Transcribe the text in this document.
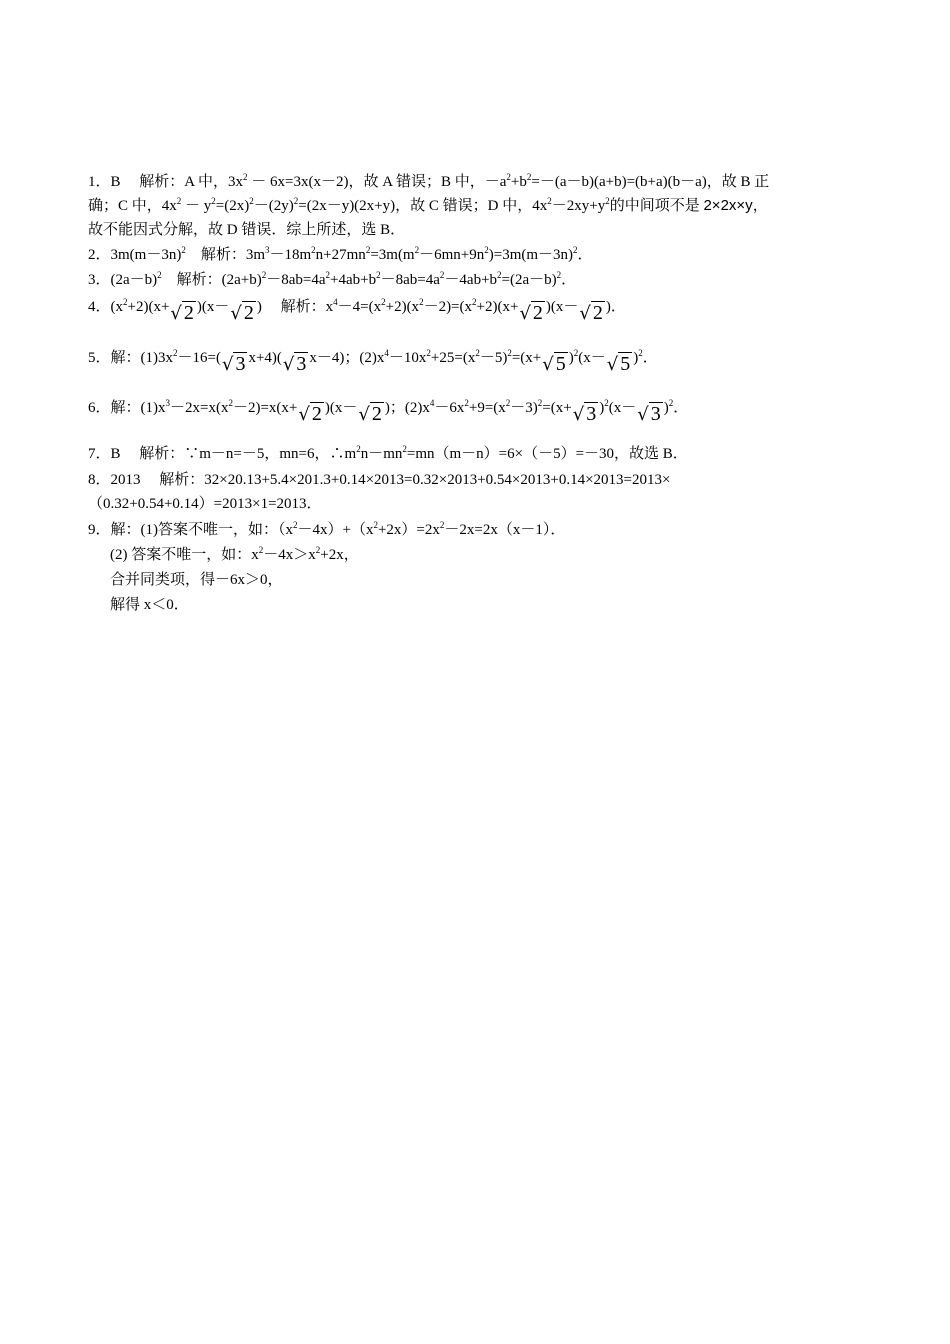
1．B　 解析：A 中，$3x^2 - 6x=3x(x-2)$，故 A 错误；B 中，$-a^2+b^2=-(a-b)(a+b)=(b+a)(b-a)$，故 B 正
确；C 中，$4x^2 - y^2=(2x)^2-(2y)^2=(2x-y)(2x+y)$，故 C 错误；D 中，$4x^2-2xy+y^2$的中间项不是 2×2x×y，
故不能因式分解，故 D 错误．综上所述，选 B．
2．$3m(m-3n)^2$　解析：$3m^3-18m^2n+27mn^2=3m(m^2-6mn+9n^2)=3m(m-3n)^2$．
3．$(2a-b)^2$　解析：$(2a+b)^2-8ab=4a^2+4ab+b^2-8ab=4a^2-4ab+b^2=(2a-b)^2$．
4．$(x^2+2)(x+√$ 2 )(x－√ 2 )　 解析：$x^4-4=(x^2+2)(x^2-2)=(x^2+2)(x+√$ 2 )(x－√ 2 )．
5．解：$(1)3x^2-16=(√$ 3 x+4)(√ 3 x－4)；$(2)x^4-10x^2+25=(x^2-5)^2=(x+√$ 5 )$^2$(x－√ 5 )$^2$．
6．解：$(1)x^3-2x=x(x^2-2)=x(x+√$ 2 )(x－√ 2 )；$(2)x^4-6x^2+9=(x^2-3)^2=(x+√$ 3 )$^2$(x－√ 3 )$^2$．
7．B　 解析：∵m－n=－5，mn=6，$\therefore m^2n-mn^2=mn(m-n)=6\times(-5)=-30$，故选 B．
8．2013　 解析：32×20.13+5.4×201.3+0.14×2013=0.32×2013+0.54×2013+0.14×2013=2013×
（0.32+0.54+0.14）=2013×1=2013．
9．解：(1)答案不唯一，如：$(x^2-4x)+(x^2+2x)=2x^2-2x=2x(x-1)$．
(2) 答案不唯一，如：$x^2-4x>x^2+2x$，
合并同类项，得－6x＞0，
解得 x＜0．
